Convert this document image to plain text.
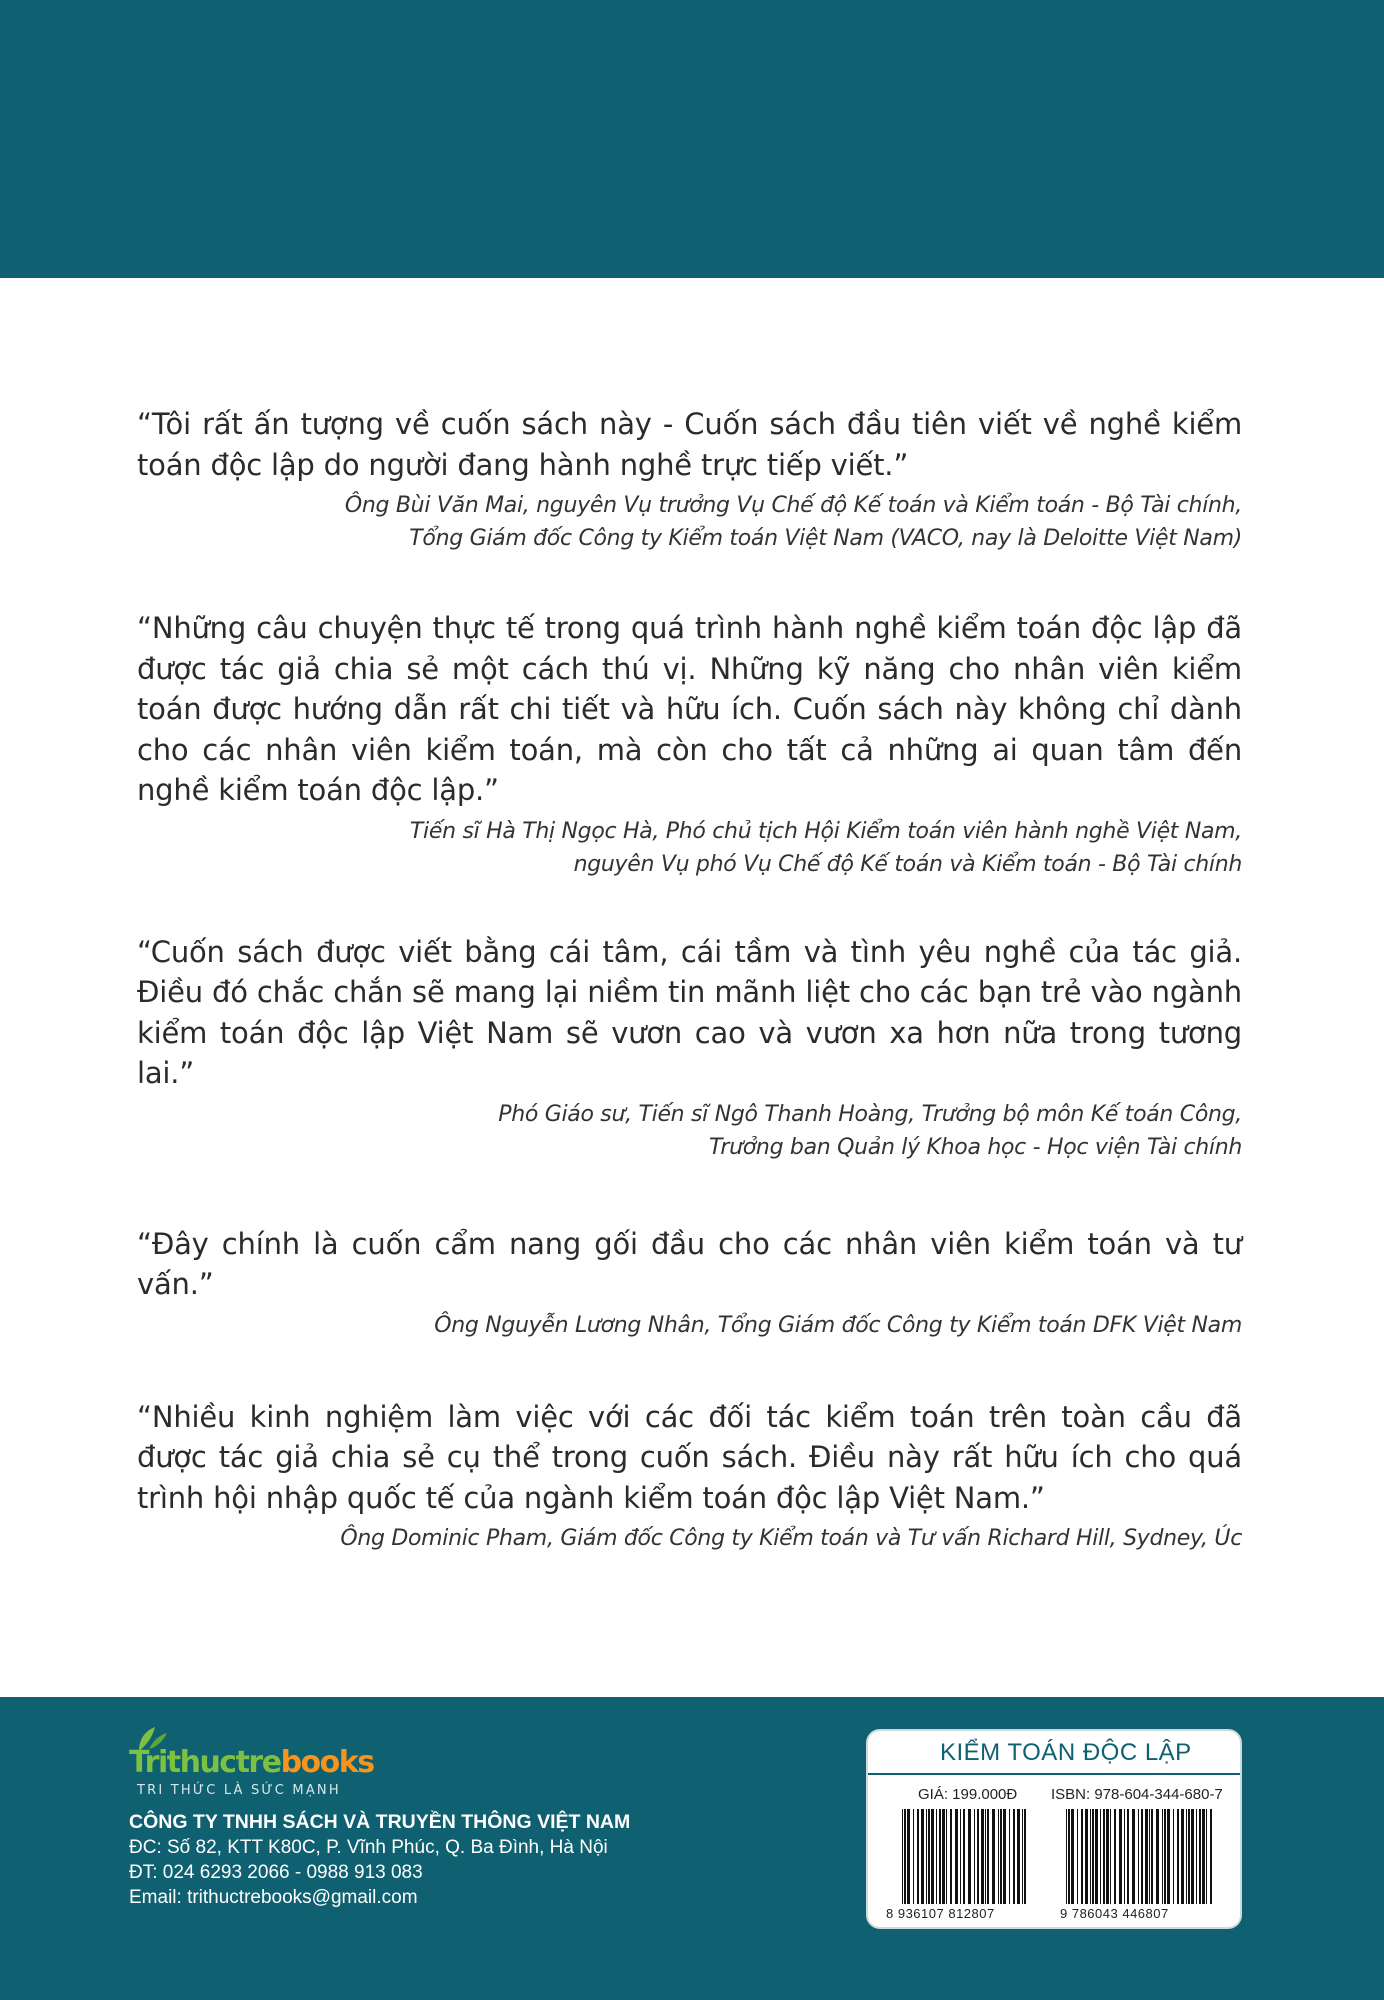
“Tôi rất ấn tượng về cuốn sách này - Cuốn sách đầu tiên viết về nghề kiểm toán độc lập do người đang hành nghề trực tiếp viết.”

Ông Bùi Văn Mai, nguyên Vụ trưởng Vụ Chế độ Kế toán và Kiểm toán - Bộ Tài chính,
Tổng Giám đốc Công ty Kiểm toán Việt Nam (VACO, nay là Deloitte Việt Nam)

“Những câu chuyện thực tế trong quá trình hành nghề kiểm toán độc lập đã được tác giả chia sẻ một cách thú vị. Những kỹ năng cho nhân viên kiểm toán được hướng dẫn rất chi tiết và hữu ích. Cuốn sách này không chỉ dành cho các nhân viên kiểm toán, mà còn cho tất cả những ai quan tâm đến nghề kiểm toán độc lập.”

Tiến sĩ Hà Thị Ngọc Hà, Phó chủ tịch Hội Kiểm toán viên hành nghề Việt Nam,
nguyên Vụ phó Vụ Chế độ Kế toán và Kiểm toán - Bộ Tài chính

“Cuốn sách được viết bằng cái tâm, cái tầm và tình yêu nghề của tác giả. Điều đó chắc chắn sẽ mang lại niềm tin mãnh liệt cho các bạn trẻ vào ngành kiểm toán độc lập Việt Nam sẽ vươn cao và vươn xa hơn nữa trong tương lai.”

Phó Giáo sư, Tiến sĩ Ngô Thanh Hoàng, Trưởng bộ môn Kế toán Công,
Trưởng ban Quản lý Khoa học - Học viện Tài chính

“Đây chính là cuốn cẩm nang gối đầu cho các nhân viên kiểm toán và tư vấn.”

Ông Nguyễn Lương Nhân, Tổng Giám đốc Công ty Kiểm toán DFK Việt Nam

“Nhiều kinh nghiệm làm việc với các đối tác kiểm toán trên toàn cầu đã được tác giả chia sẻ cụ thể trong cuốn sách. Điều này rất hữu ích cho quá trình hội nhập quốc tế của ngành kiểm toán độc lập Việt Nam.”

Ông Dominic Pham, Giám đốc Công ty Kiểm toán và Tư vấn Richard Hill, Sydney, Úc
Trithuctrebooks
TRI THỨC LÀ SỨC MẠNH
CÔNG TY TNHH SÁCH VÀ TRUYỀN THÔNG VIỆT NAM
ĐC: Số 82, KTT K80C, P. Vĩnh Phúc, Q. Ba Đình, Hà Nội
ĐT: 024 6293 2066 - 0988 913 083
Email: trithuctrebooks@gmail.com
KIỂM TOÁN ĐỘC LẬP
GIÁ: 199.000Đ ISBN: 978-604-344-680-7
8 936107 812807	9 786043 446807
